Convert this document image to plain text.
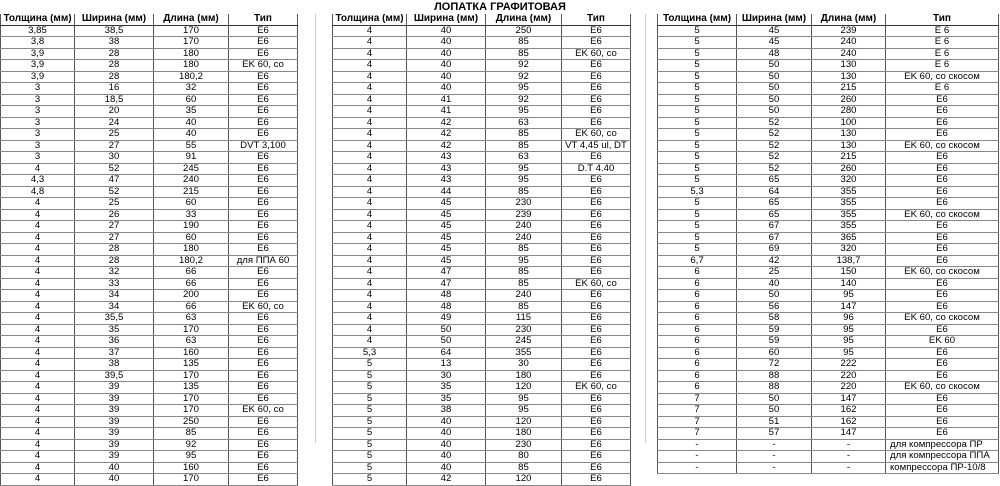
ЛОПАТКА ГРАФИТОВАЯ
Толщина (мм)	Ширина (мм)	Длина (мм)	Тип
3,85	38,5	170	E6
3,8	38	170	E6
3,9	28	180	E6
3,9	28	180	EK 60, со
3,9	28	180,2	E6
3	16	32	E6
3	18,5	60	E6
3	20	35	E6
3	24	40	E6
3	25	40	E6
3	27	55	DVT 3,100
3	30	91	E6
4	52	245	E6
4,3	47	240	E6
4,8	52	215	E6
4	25	60	E6
4	26	33	E6
4	27	190	E6
4	27	60	E6
4	28	180	E6
4	28	180,2	для ППА 60
4	32	66	E6
4	33	66	E6
4	34	200	E6
4	34	66	EK 60, со
4	35,5	63	E6
4	35	170	E6
4	36	63	E6
4	37	160	E6
4	38	135	E6
4	39,5	170	E6
4	39	135	E6
4	39	170	E6
4	39	170	EK 60, со
4	39	250	E6
4	39	85	E6
4	39	92	E6
4	39	95	E6
4	40	160	E6
4	40	170	E6
Толщина (мм)	Ширина (мм)	Длина (мм)	Тип
4	40	250	E6
4	40	85	E6
4	40	85	EK 60, со
4	40	92	E6
4	40	92	E6
4	40	95	E6
4	41	92	E6
4	41	95	E6
4	42	63	E6
4	42	85	EK 60, со
4	42	85	VT 4,45 ul, DT
4	43	63	E6
4	43	95	D.T 4.40
4	43	95	E6
4	44	85	E6
4	45	230	E6
4	45	239	E6
4	45	240	E6
4	45	240	E6
4	45	85	E6
4	45	95	E6
4	47	85	E6
4	47	85	EK 60, со
4	48	240	E6
4	48	85	E6
4	49	115	E6
4	50	230	E6
4	50	245	E6
5,3	64	355	E6
5	13	30	E6
5	30	180	E6
5	35	120	EK 60, со
5	35	95	E6
5	38	95	E6
5	40	120	E6
5	40	180	E6
5	40	230	E6
5	40	80	E6
5	40	85	E6
5	42	120	E6
Толщина (мм)	Ширина (мм)	Длина (мм)	Тип
5	45	239	E 6
5	45	240	E 6
5	48	240	E 6
5	50	130	E 6
5	50	130	EK 60, со скосом
5	50	215	E 6
5	50	260	E6
5	50	280	E6
5	52	100	E6
5	52	130	E6
5	52	130	EK 60, со скосом
5	52	215	E6
5	52	260	E6
5	65	320	E6
5,3	64	355	E6
5	65	355	E6
5	65	355	EK 60, со скосом
5	67	355	E6
5	67	365	E6
5	69	320	E6
6,7	42	138,7	E6
6	25	150	EK 60, со скосом
6	40	140	E6
6	50	95	E6
6	56	147	E6
6	58	96	EK 60, со скосом
6	59	95	E6
6	59	95	EK 60
6	60	95	E6
6	72	222	E6
6	88	220	E6
6	88	220	EK 60, со скосом
7	50	147	E6
7	50	162	E6
7	51	162	E6
7	57	147	E6
-	-	-	для компрессора ПР
-	-	-	для компрессора ППА
-	-	-	компрессора ПР-10/8
